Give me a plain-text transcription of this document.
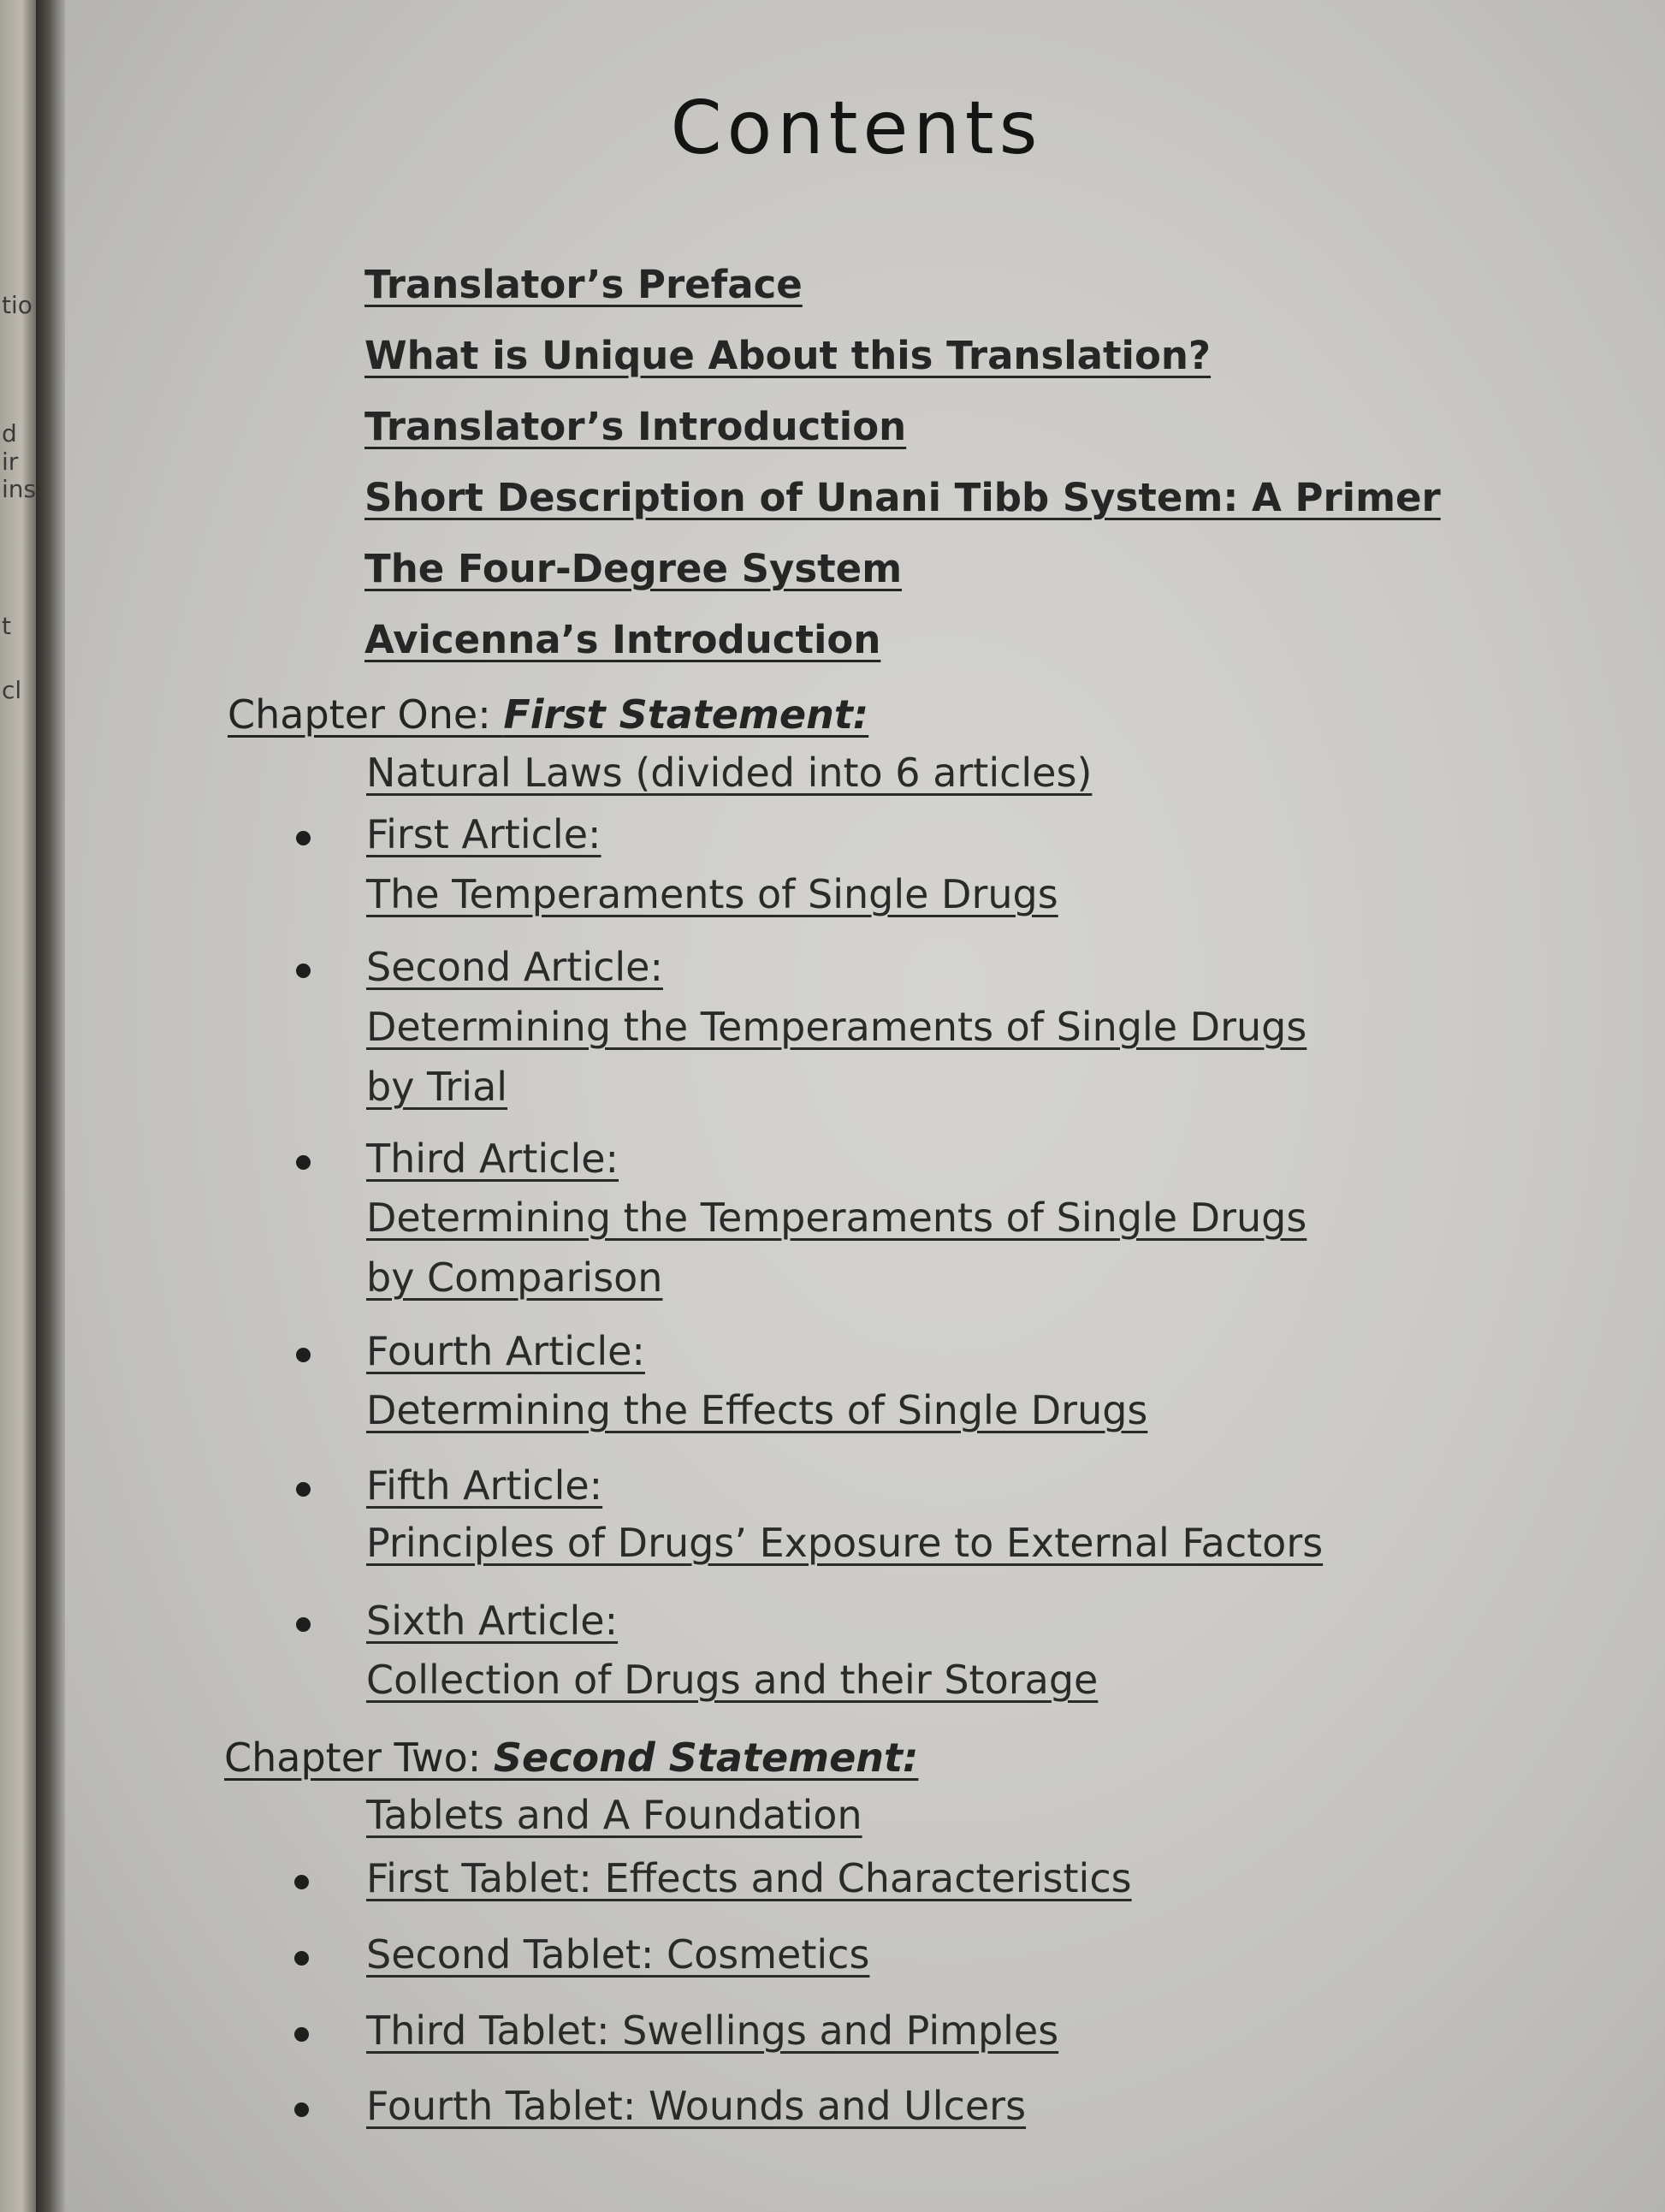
tio
d ir
ins
t
cl
Contents
Translator’s Preface
What is Unique About this Translation?
Translator’s Introduction
Short Description of Unani Tibb System: A Primer
The Four-Degree System
Avicenna’s Introduction
Chapter One: First Statement:
Natural Laws (divided into 6 articles)
First Article:
The Temperaments of Single Drugs
Second Article:
Determining the Temperaments of Single Drugs
by Trial
Third Article:
Determining the Temperaments of Single Drugs
by Comparison
Fourth Article:
Determining the Effects of Single Drugs
Fifth Article:
Principles of Drugs’ Exposure to External Factors
Sixth Article:
Collection of Drugs and their Storage
Chapter Two: Second Statement:
Tablets and A Foundation
First Tablet: Effects and Characteristics
Second Tablet: Cosmetics
Third Tablet: Swellings and Pimples
Fourth Tablet: Wounds and Ulcers
